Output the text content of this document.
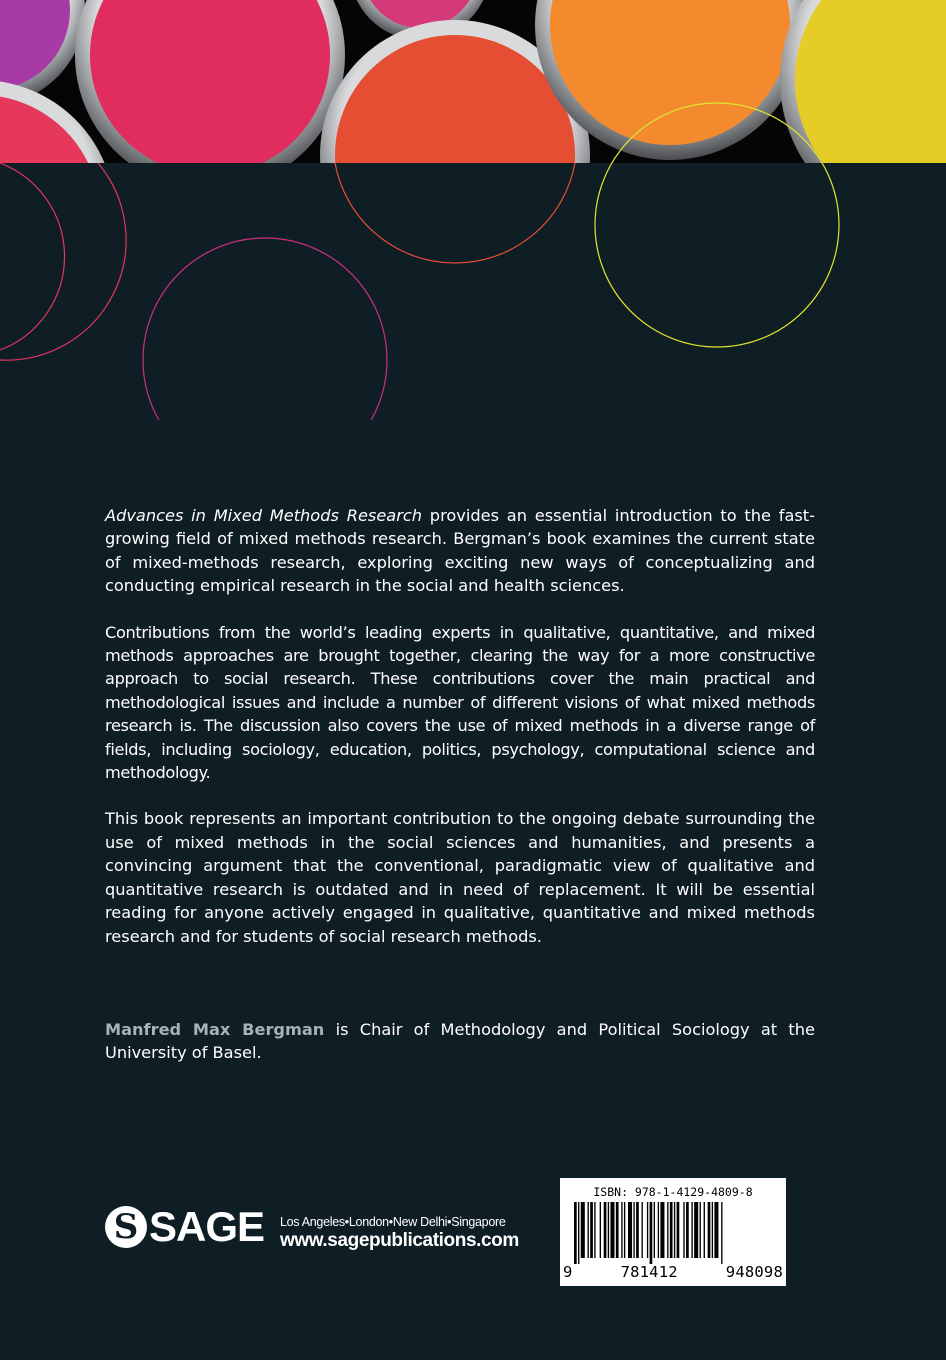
Advances in Mixed Methods Research provides an essential introduction to the fast-growing field of mixed methods research. Bergman’s book examines the current state of mixed-methods research, exploring exciting new ways of conceptualizing and conducting empirical research in the social and health sciences.

Contributions from the world’s leading experts in qualitative, quantitative, and mixed methods approaches are brought together, clearing the way for a more constructive approach to social research. These contributions cover the main practical and methodological issues and include a number of different visions of what mixed methods research is. The discussion also covers the use of mixed methods in a diverse range of fields, including sociology, education, politics, psychology, computational science and methodology.

This book represents an important contribution to the ongoing debate surrounding the use of mixed methods in the social sciences and humanities, and presents a convincing argument that the conventional, paradigmatic view of qualitative and quantitative research is outdated and in need of replacement. It will be essential reading for anyone actively engaged in qualitative, quantitative and mixed methods research and for students of social research methods.

Manfred Max Bergman is Chair of Methodology and Political Sociology at the University of Basel.

S SAGE Los Angeles•London•New Delhi•Singapore
www.sagepublications.com
ISBN: 978-1-4129-4809-8
9	781412	948098
